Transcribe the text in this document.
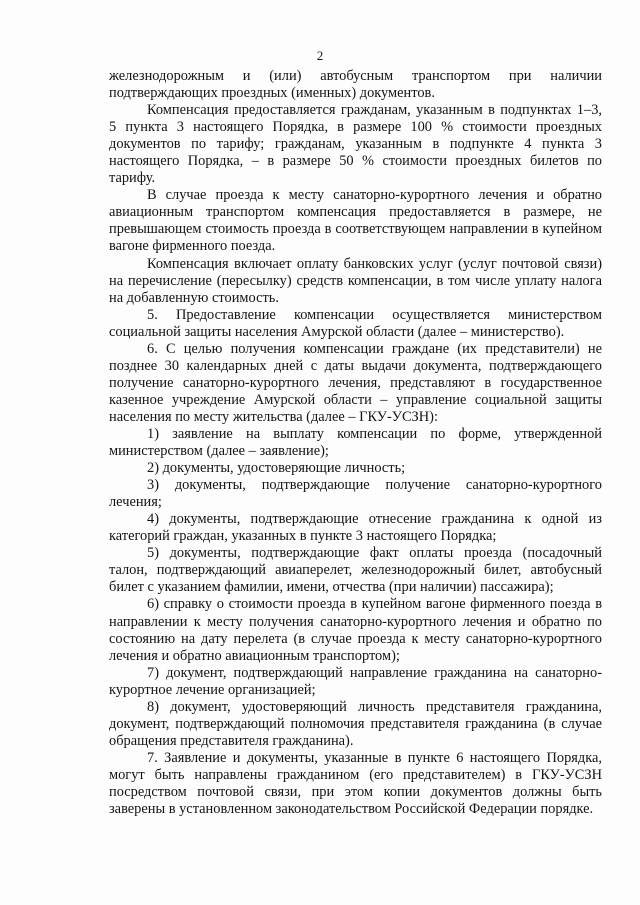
2

железнодорожным и (или) автобусным транспортом при наличии подтверждающих проездных (именных) документов.

Компенсация предоставляется гражданам, указанным в подпунктах 1–3, 5 пункта 3 настоящего Порядка, в размере 100 % стоимости проездных документов по тарифу; гражданам, указанным в подпункте 4 пункта 3 настоящего Порядка, – в размере 50 % стоимости проездных билетов по тарифу.

В случае проезда к месту санаторно-курортного лечения и обратно авиационным транспортом компенсация предоставляется в размере, не превышающем стоимость проезда в соответствующем направлении в купейном вагоне фирменного поезда.

Компенсация включает оплату банковских услуг (услуг почтовой связи) на перечисление (пересылку) средств компенсации, в том числе уплату налога на добавленную стоимость.

5. Предоставление компенсации осуществляется министерством социальной защиты населения Амурской области (далее – министерство).

6. С целью получения компенсации граждане (их представители) не позднее 30 календарных дней с даты выдачи документа, подтверждающего получение санаторно-курортного лечения, представляют в государственное казенное учреждение Амурской области – управление социальной защиты населения по месту жительства (далее – ГКУ-УСЗН):

1) заявление на выплату компенсации по форме, утвержденной министерством (далее – заявление);

2) документы, удостоверяющие личность;

3) документы, подтверждающие получение санаторно-курортного лечения;

4) документы, подтверждающие отнесение гражданина к одной из категорий граждан, указанных в пункте 3 настоящего Порядка;

5) документы, подтверждающие факт оплаты проезда (посадочный талон, подтверждающий авиаперелет, железнодорожный билет, автобусный билет с указанием фамилии, имени, отчества (при наличии) пассажира);

6) справку о стоимости проезда в купейном вагоне фирменного поезда в направлении к месту получения санаторно-курортного лечения и обратно по состоянию на дату перелета (в случае проезда к месту санаторно-курортного лечения и обратно авиационным транспортом);

7) документ, подтверждающий направление гражданина на санаторно-курортное лечение организацией;

8) документ, удостоверяющий личность представителя гражданина, документ, подтверждающий полномочия представителя гражданина (в случае обращения представителя гражданина).

7. Заявление и документы, указанные в пункте 6 настоящего Порядка, могут быть направлены гражданином (его представителем) в ГКУ-УСЗН посредством почтовой связи, при этом копии документов должны быть заверены в установленном законодательством Российской Федерации порядке.
